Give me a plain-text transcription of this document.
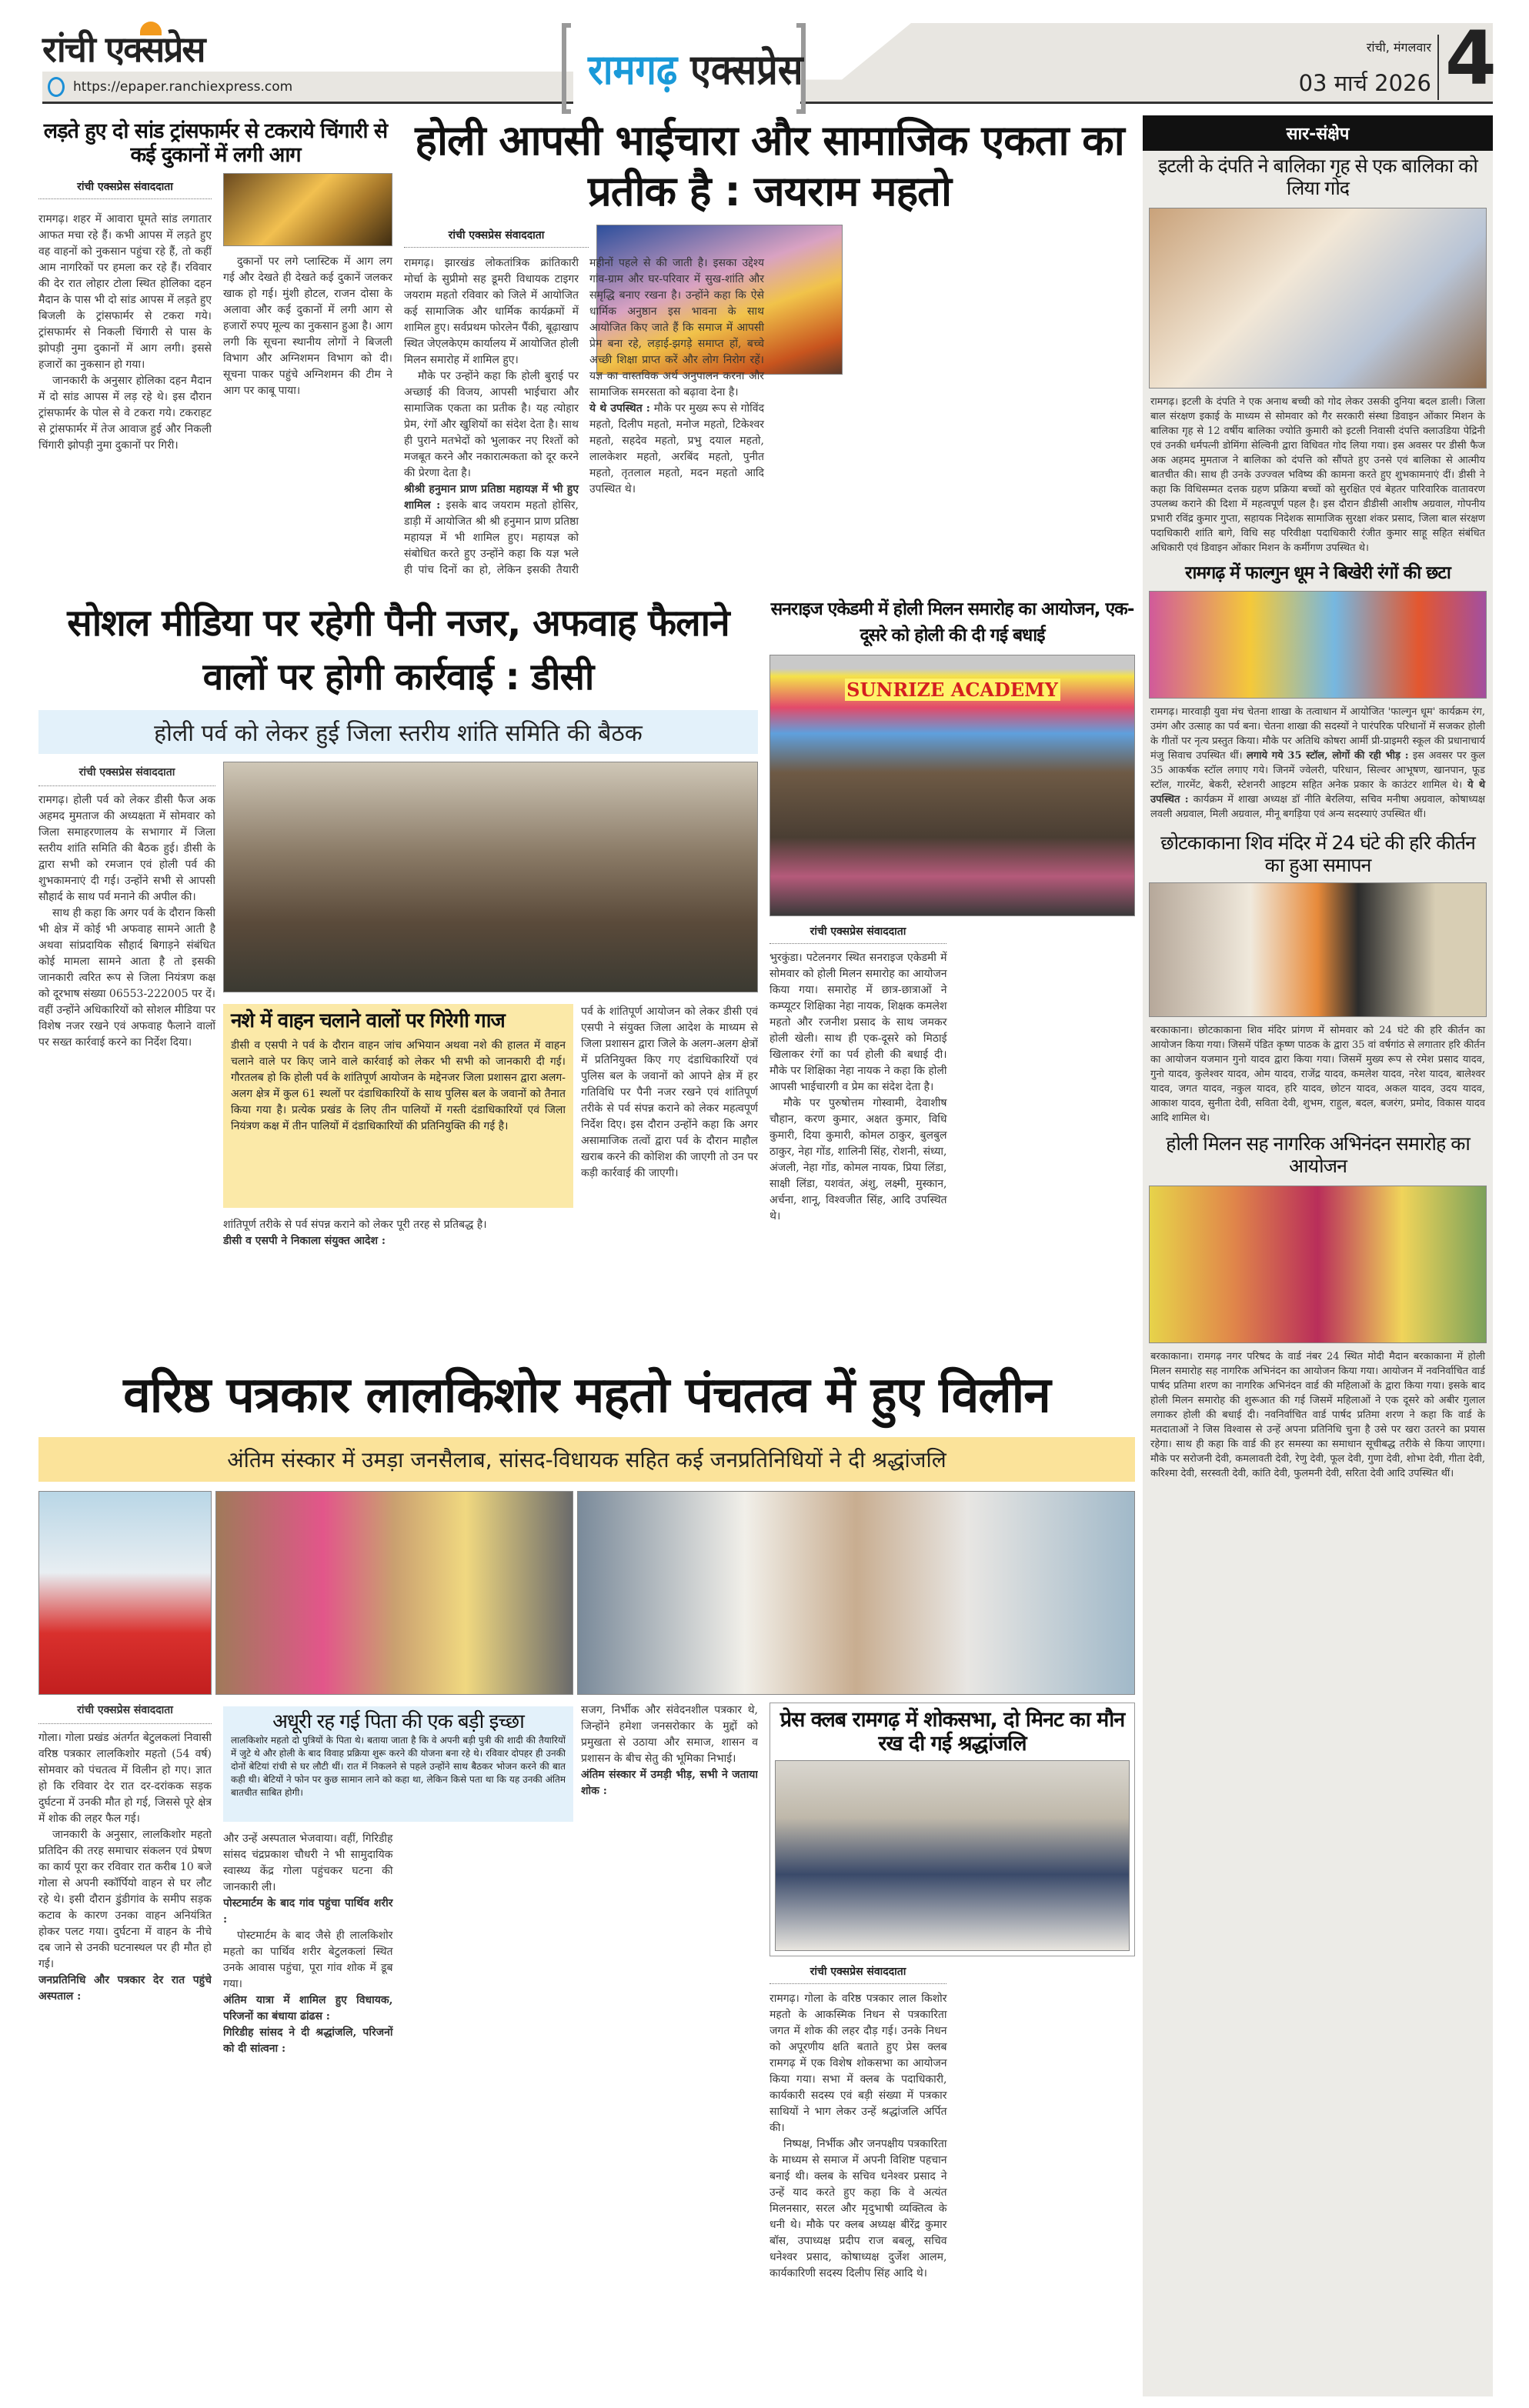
रांची एक्सप्रेस
https://epaper.ranchiexpress.com	रामगढ़ एक्सप्रेस	रांची, मंगलवार
03 मार्च 2026 4
लड़ते हुए दो सांड ट्रांसफार्मर से टकराये चिंगारी से कई दुकानों में लगी आग
रांची एक्सप्रेस संवाददाता

रामगढ़। शहर में आवारा घूमते सांड लगातार आफत मचा रहे हैं। कभी आपस में लड़ते हुए वह वाहनों को नुकसान पहुंचा रहे हैं, तो कहीं आम नागरिकों पर हमला कर रहे हैं। रविवार की देर रात लोहार टोला स्थित होलिका दहन मैदान के पास भी दो सांड आपस में लड़ते हुए बिजली के ट्रांसफार्मर से टकरा गये। ट्रांसफार्मर से निकली चिंगारी से पास के झोपड़ी नुमा दुकानों में आग लगी। इससे हजारों का नुकसान हो गया।

जानकारी के अनुसार होलिका दहन मैदान में दो सांड आपस में लड़ रहे थे। इस दौरान ट्रांसफार्मर के पोल से वे टकरा गये। टकराहट से ट्रांसफार्मर में तेज आवाज हुई और निकली चिंगारी झोपड़ी नुमा दुकानों पर गिरी।

दुकानों पर लगे प्लास्टिक में आग लग गई और देखते ही देखते कई दुकानें जलकर खाक हो गई। मुंशी होटल, राजन दोसा के अलावा और कई दुकानों में लगी आग से हजारों रुपए मूल्य का नुकसान हुआ है। आग लगी कि सूचना स्थानीय लोगों ने बिजली विभाग और अग्निशमन विभाग को दी। सूचना पाकर पहुंचे अग्निशमन की टीम ने आग पर काबू पाया।

होली आपसी भाईचारा और सामाजिक एकता का प्रतीक है : जयराम महतो
रांची एक्सप्रेस संवाददाता

रामगढ़। झारखंड लोकतांत्रिक क्रांतिकारी मोर्चा के सुप्रीमो सह डूमरी विधायक टाइगर जयराम महतो रविवार को जिले में आयोजित कई सामाजिक और धार्मिक कार्यक्रमों में शामिल हुए। सर्वप्रथम फोरलेन पैंकी, बूढ़ाखाप स्थित जेएलकेएम कार्यालय में आयोजित होली मिलन समारोह में शामिल हुए।

मौके पर उन्होंने कहा कि होली बुराई पर अच्छाई की विजय, आपसी भाईचारा और सामाजिक एकता का प्रतीक है। यह त्योहार प्रेम, रंगों और खुशियों का संदेश देता है। साथ ही पुराने मतभेदों को भुलाकर नए रिश्तों को मजबूत करने और नकारात्मकता को दूर करने की प्रेरणा देता है।

श्रीश्री हनुमान प्राण प्रतिष्ठा महायज्ञ में भी हुए शामिल : इसके बाद जयराम महतो होसिर, डाड़ी में आयोजित श्री श्री हनुमान प्राण प्रतिष्ठा महायज्ञ में भी शामिल हुए। महायज्ञ को संबोधित करते हुए उन्होंने कहा कि यज्ञ भले ही पांच दिनों का हो, लेकिन इसकी तैयारी महीनों पहले से की जाती है। इसका उद्देश्य गांव-ग्राम और घर-परिवार में सुख-शांति और समृद्धि बनाए रखना है। उन्होंने कहा कि ऐसे धार्मिक अनुष्ठान इस भावना के साथ आयोजित किए जाते हैं कि समाज में आपसी प्रेम बना रहे, लड़ाई-झगड़े समाप्त हों, बच्चे अच्छी शिक्षा प्राप्त करें और लोग निरोग रहें। यज्ञ का वास्तविक अर्थ अनुपालन करना और सामाजिक समरसता को बढ़ावा देना है।

ये थे उपस्थित : मौके पर मुख्य रूप से गोविंद महतो, दिलीप महतो, मनोज महतो, टिकेश्वर महतो, सहदेव महतो, प्रभु दयाल महतो, लालकेशर महतो, अरबिंद महतो, पुनीत महतो, तृतलाल महतो, मदन महतो आदि उपस्थित थे।

सार-संक्षेप
इटली के दंपति ने बालिका गृह से एक बालिका को लिया गोद
रामगढ़। इटली के दंपति ने एक अनाथ बच्ची को गोद लेकर उसकी दुनिया बदल डाली। जिला बाल संरक्षण इकाई के माध्यम से सोमवार को गैर सरकारी संस्था डिवाइन ओंकार मिशन के बालिका गृह से 12 वर्षीय बालिका ज्योति कुमारी को इटली निवासी दंपत्ति क्लाउडिया पेद्रिनी एवं उनकी धर्मपत्नी डोमिंगा सेल्विनी द्वारा विधिवत गोद लिया गया। इस अवसर पर डीसी फैज अक अहमद मुमताज ने बालिका को दंपत्ति को सौंपते हुए उनसे एवं बालिका से आत्मीय बातचीत की। साथ ही उनके उज्ज्वल भविष्य की कामना करते हुए शुभकामनाएं दीं। डीसी ने कहा कि विधिसम्मत दत्तक ग्रहण प्रक्रिया बच्चों को सुरक्षित एवं बेहतर पारिवारिक वातावरण उपलब्ध कराने की दिशा में महत्वपूर्ण पहल है। इस दौरान डीडीसी आशीष अग्रवाल, गोपनीय प्रभारी रविंद्र कुमार गुप्ता, सहायक निदेशक सामाजिक सुरक्षा शंकर प्रसाद, जिला बाल संरक्षण पदाधिकारी शांति बागे, विधि सह परिवीक्षा पदाधिकारी रंजीत कुमार साहू सहित संबंधित अधिकारी एवं डिवाइन ओंकार मिशन के कर्मीगण उपस्थित थे।
रामगढ़ में फाल्गुन धूम ने बिखेरी रंगों की छटा
रामगढ़। मारवाड़ी युवा मंच चेतना शाखा के तत्वाधान में आयोजित 'फाल्गुन धूम' कार्यक्रम रंग, उमंग और उत्साह का पर्व बना। चेतना शाखा की सदस्यों ने पारंपरिक परिधानों में सजकर होली के गीतों पर नृत्य प्रस्तुत किया। मौके पर अतिथि कोषरा आर्मी प्री-प्राइमरी स्कूल की प्रधानाचार्य मंजु सिवाच उपस्थित थीं। लगाये गये 35 स्टॉल, लोगों की रही भीड़ : इस अवसर पर कुल 35 आकर्षक स्टॉल लगाए गये। जिनमें ज्वेलरी, परिधान, सिल्वर आभूषण, खानपान, फूड स्टॉल, गारमेंट, बेकरी, स्टेशनरी आइटम सहित अनेक प्रकार के काउंटर शामिल थे। ये थे उपस्थित : कार्यक्रम में शाखा अध्यक्ष डॉ नीति बेरलिया, सचिव मनीषा अग्रवाल, कोषाध्यक्ष लवली अग्रवाल, मिली अग्रवाल, मीनू बगड़िया एवं अन्य सदस्याएं उपस्थित थीं।
छोटकाकाना शिव मंदिर में 24 घंटे की हरि कीर्तन का हुआ समापन
बरकाकाना। छोटकाकाना शिव मंदिर प्रांगण में सोमवार को 24 घंटे की हरि कीर्तन का आयोजन किया गया। जिसमें पंडित कृष्ण पाठक के द्वारा 35 वां वर्षगांठ से लगातार हरि कीर्तन का आयोजन यजमान गुनो यादव द्वारा किया गया। जिसमें मुख्य रूप से रमेश प्रसाद यादव, गुनो यादव, कुलेश्वर यादव, ओम यादव, राजेंद्र यादव, कमलेश यादव, नरेश यादव, बालेश्वर यादव, जगत यादव, नकुल यादव, हरि यादव, छोटन यादव, अकल यादव, उदय यादव, आकाश यादव, सुनीता देवी, सविता देवी, शुभम, राहुल, बदल, बजरंग, प्रमोद, विकास यादव आदि शामिल थे।
होली मिलन सह नागरिक अभिनंदन समारोह का आयोजन
बरकाकाना। रामगढ़ नगर परिषद के वार्ड नंबर 24 स्थित मोदी मैदान बरकाकाना में होली मिलन समारोह सह नागरिक अभिनंदन का आयोजन किया गया। आयोजन में नवनिर्वाचित वार्ड पार्षद प्रतिमा शरण का नागरिक अभिनंदन वार्ड की महिलाओं के द्वारा किया गया। इसके बाद होली मिलन समारोह की शुरूआत की गई जिसमें महिलाओं ने एक दूसरे को अबीर गुलाल लगाकर होली की बधाई दी। नवनिर्वाचित वार्ड पार्षद प्रतिमा शरण ने कहा कि वार्ड के मतदाताओं ने जिस विश्वास से उन्हें अपना प्रतिनिधि चुना है उसे पर खरा उतरने का प्रयास रहेगा। साथ ही कहा कि वार्ड की हर समस्या का समाधान सूचीबद्ध तरीके से किया जाएगा। मौके पर सरोजनी देवी, कमलावती देवी, रेणु देवी, फूल देवी, गुणा देवी, शोभा देवी, गीता देवी, करिश्मा देवी, सरस्वती देवी, कांति देवी, फुलमनी देवी, सरिता देवी आदि उपस्थित थीं।
सोशल मीडिया पर रहेगी पैनी नजर, अफवाह फैलाने वालों पर होगी कार्रवाई : डीसी
होली पर्व को लेकर हुई जिला स्तरीय शांति समिति की बैठक
रांची एक्सप्रेस संवाददाता

रामगढ़। होली पर्व को लेकर डीसी फैज अक अहमद मुमताज की अध्यक्षता में सोमवार को जिला समाहरणालय के सभागार में जिला स्तरीय शांति समिति की बैठक हुई। डीसी के द्वारा सभी को रमजान एवं होली पर्व की शुभकामनाएं दी गई। उन्होंने सभी से आपसी सौहार्द के साथ पर्व मनाने की अपील की।

साथ ही कहा कि अगर पर्व के दौरान किसी भी क्षेत्र में कोई भी अफवाह सामने आती है अथवा सांप्रदायिक सौहार्द बिगाड़ने संबंधित कोई मामला सामने आता है तो इसकी जानकारी त्वरित रूप से जिला नियंत्रण कक्ष को दूरभाष संख्या 06553-222005 पर दें। वहीं उन्होंने अधिकारियों को सोशल मीडिया पर विशेष नजर रखने एवं अफवाह फैलाने वालों पर सख्त कार्रवाई करने का निर्देश दिया।

नशे में वाहन चलाने वालों पर गिरेगी गाज
डीसी व एसपी ने पर्व के दौरान वाहन जांच अभियान अथवा नशे की हालत में वाहन चलाने वाले पर किए जाने वाले कार्रवाई को लेकर भी सभी को जानकारी दी गई। गौरतलब हो कि होली पर्व के शांतिपूर्ण आयोजन के मद्देनजर जिला प्रशासन द्वारा अलग-अलग क्षेत्र में कुल 61 स्थलों पर दंडाधिकारियों के साथ पुलिस बल के जवानों को तैनात किया गया है। प्रत्येक प्रखंड के लिए तीन पालियों में गस्ती दंडाधिकारियों एवं जिला नियंत्रण कक्ष में तीन पालियों में दंडाधिकारियों की प्रतिनियुक्ति की गई है।

शांतिपूर्ण तरीके से पर्व संपन्न कराने को लेकर पूरी तरह से प्रतिबद्ध है।

डीसी व एसपी ने निकाला संयुक्त आदेश :

पर्व के शांतिपूर्ण आयोजन को लेकर डीसी एवं एसपी ने संयुक्त जिला आदेश के माध्यम से जिला प्रशासन द्वारा जिले के अलग-अलग क्षेत्रों में प्रतिनियुक्त किए गए दंडाधिकारियों एवं पुलिस बल के जवानों को आपने क्षेत्र में हर गतिविधि पर पैनी नजर रखने एवं शांतिपूर्ण तरीके से पर्व संपन्न कराने को लेकर महत्वपूर्ण निर्देश दिए। इस दौरान उन्होंने कहा कि अगर असामाजिक तत्वों द्वारा पर्व के दौरान माहौल खराब करने की कोशिश की जाएगी तो उन पर कड़ी कार्रवाई की जाएगी।

सनराइज एकेडमी में होली मिलन समारोह का आयोजन, एक-दूसरे को होली की दी गई बधाई
SUNRIZE ACADEMY
रांची एक्सप्रेस संवाददाता

भुरकुंडा। पटेलनगर स्थित सनराइज एकेडमी में सोमवार को होली मिलन समारोह का आयोजन किया गया। समारोह में छात्र-छात्राओं ने कम्प्यूटर शिक्षिका नेहा नायक, शिक्षक कमलेश महतो और रजनीश प्रसाद के साथ जमकर होली खेली। साथ ही एक-दूसरे को मिठाई खिलाकर रंगों का पर्व होली की बधाई दी। मौके पर शिक्षिका नेहा नायक ने कहा कि होली आपसी भाईचारगी व प्रेम का संदेश देता है।

मौके पर पुरुषोत्तम गोस्वामी, देवाशीष चौहान, करण कुमार, अक्षत कुमार, विधि कुमारी, दिया कुमारी, कोमल ठाकुर, बुलबुल ठाकुर, नेहा गोंड, शालिनी सिंह, रोशनी, संध्या, अंजली, नेहा गोंड, कोमल नायक, प्रिया लिंडा, साक्षी लिंडा, यशवंत, अंशु, लक्ष्मी, मुस्कान, अर्चना, शानू, विश्वजीत सिंह, आदि उपस्थित थे।

वरिष्ठ पत्रकार लालकिशोर महतो पंचतत्व में हुए विलीन
अंतिम संस्कार में उमड़ा जनसैलाब, सांसद-विधायक सहित कई जनप्रतिनिधियों ने दी श्रद्धांजलि
रांची एक्सप्रेस संवाददाता

गोला। गोला प्रखंड अंतर्गत बेटुलकलां निवासी वरिष्ठ पत्रकार लालकिशोर महतो (54 वर्ष) सोमवार को पंचतत्व में विलीन हो गए। ज्ञात हो कि रविवार देर रात दर-दरांकक सड़क दुर्घटना में उनकी मौत हो गई, जिससे पूरे क्षेत्र में शोक की लहर फैल गई।

जानकारी के अनुसार, लालकिशोर महतो प्रतिदिन की तरह समाचार संकलन एवं प्रेषण का कार्य पूरा कर रविवार रात करीब 10 बजे गोला से अपनी स्कॉर्पियो वाहन से घर लौट रहे थे। इसी दौरान डुंडीगांव के समीप सड़क कटाव के कारण उनका वाहन अनियंत्रित होकर पलट गया। दुर्घटना में वाहन के नीचे दब जाने से उनकी घटनास्थल पर ही मौत हो गई।

जनप्रतिनिधि और पत्रकार देर रात पहुंचे अस्पताल :

अधूरी रह गई पिता की एक बड़ी इच्छा
लालकिशोर महतो दो पुत्रियों के पिता थे। बताया जाता है कि वे अपनी बड़ी पुत्री की शादी की तैयारियों में जुटे थे और होली के बाद विवाह प्रक्रिया शुरू करने की योजना बना रहे थे। रविवार दोपहर ही उनकी दोनों बेटियां रांची से घर लौटी थीं। रात में निकलने से पहले उन्होंने साथ बैठकर भोजन करने की बात कही थी। बेटियों ने फोन पर कुछ सामान लाने को कहा था, लेकिन किसे पता था कि यह उनकी अंतिम बातचीत साबित होगी।

और उन्हें अस्पताल भेजवाया। वहीं, गिरिडीह सांसद चंद्रप्रकाश चौधरी ने भी सामुदायिक स्वास्थ्य केंद्र गोला पहुंचकर घटना की जानकारी ली।

पोस्टमार्टम के बाद गांव पहुंचा पार्थिव शरीर :

पोस्टमार्टम के बाद जैसे ही लालकिशोर महतो का पार्थिव शरीर बेटुलकलां स्थित उनके आवास पहुंचा, पूरा गांव शोक में डूब गया।

अंतिम यात्रा में शामिल हुए विधायक, परिजनों का बंधाया ढांढस :

गिरिडीह सांसद ने दी श्रद्धांजलि, परिजनों को दी सांत्वना :

सजग, निर्भीक और संवेदनशील पत्रकार थे, जिन्होंने हमेशा जनसरोकार के मुद्दों को प्रमुखता से उठाया और समाज, शासन व प्रशासन के बीच सेतु की भूमिका निभाई।

अंतिम संस्कार में उमड़ी भीड़, सभी ने जताया शोक :

प्रेस क्लब रामगढ़ में शोकसभा, दो मिनट का मौन रख दी गई श्रद्धांजलि
रांची एक्सप्रेस संवाददाता

रामगढ़। गोला के वरिष्ठ पत्रकार लाल किशोर महतो के आकस्मिक निधन से पत्रकारिता जगत में शोक की लहर दौड़ गई। उनके निधन को अपूरणीय क्षति बताते हुए प्रेस क्लब रामगढ़ में एक विशेष शोकसभा का आयोजन किया गया। सभा में क्लब के पदाधिकारी, कार्यकारी सदस्य एवं बड़ी संख्या में पत्रकार साथियों ने भाग लेकर उन्हें श्रद्धांजलि अर्पित की।

निष्पक्ष, निर्भीक और जनपक्षीय पत्रकारिता के माध्यम से समाज में अपनी विशिष्ट पहचान बनाई थी। क्लब के सचिव धनेश्वर प्रसाद ने उन्हें याद करते हुए कहा कि वे अत्यंत मिलनसार, सरल और मृदुभाषी व्यक्तित्व के धनी थे। मौके पर क्लब अध्यक्ष बीरेंद्र कुमार बॉस, उपाध्यक्ष प्रदीप राज बबलू, सचिव धनेश्वर प्रसाद, कोषाध्यक्ष दुर्जेश आलम, कार्यकारिणी सदस्य दिलीप सिंह आदि थे।
